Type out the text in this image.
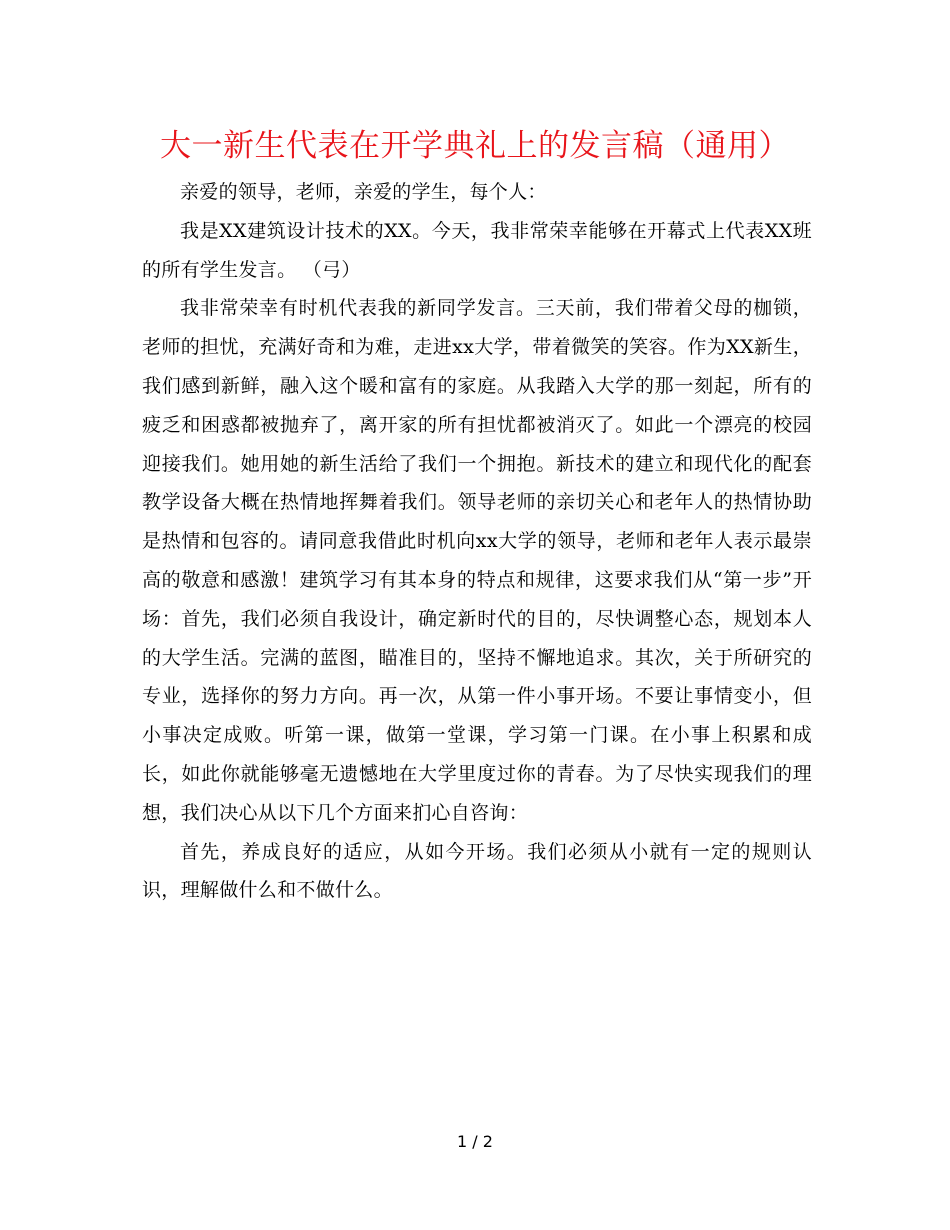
大一新生代表在开学典礼上的发言稿（通用）

亲爱的领导，老师，亲爱的学生，每个人：

我是XX建筑设计技术的XX。今天，我非常荣幸能够在开幕式上代表XX班的所有学生发言。 （弓）

我非常荣幸有时机代表我的新同学发言。三天前，我们带着父母的枷锁，老师的担忧，充满好奇和为难，走进xx大学，带着微笑的笑容。作为XX新生，我们感到新鲜，融入这个暖和富有的家庭。从我踏入大学的那一刻起，所有的疲乏和困惑都被抛弃了，离开家的所有担忧都被消灭了。如此一个漂亮的校园迎接我们。她用她的新生活给了我们一个拥抱。新技术的建立和现代化的配套教学设备大概在热情地挥舞着我们。领导老师的亲切关心和老年人的热情协助是热情和包容的。请同意我借此时机向xx大学的领导，老师和老年人表示最崇高的敬意和感激！建筑学习有其本身的特点和规律，这要求我们从“第一步”开场：首先，我们必须自我设计，确定新时代的目的，尽快调整心态，规划本人的大学生活。完满的蓝图，瞄准目的，坚持不懈地追求。其次，关于所研究的专业，选择你的努力方向。再一次，从第一件小事开场。不要让事情变小，但小事决定成败。听第一课，做第一堂课，学习第一门课。在小事上积累和成长，如此你就能够毫无遗憾地在大学里度过你的青春。为了尽快实现我们的理想，我们决心从以下几个方面来扪心自咨询：

首先，养成良好的适应，从如今开场。我们必须从小就有一定的规则认识，理解做什么和不做什么。

1 / 2
